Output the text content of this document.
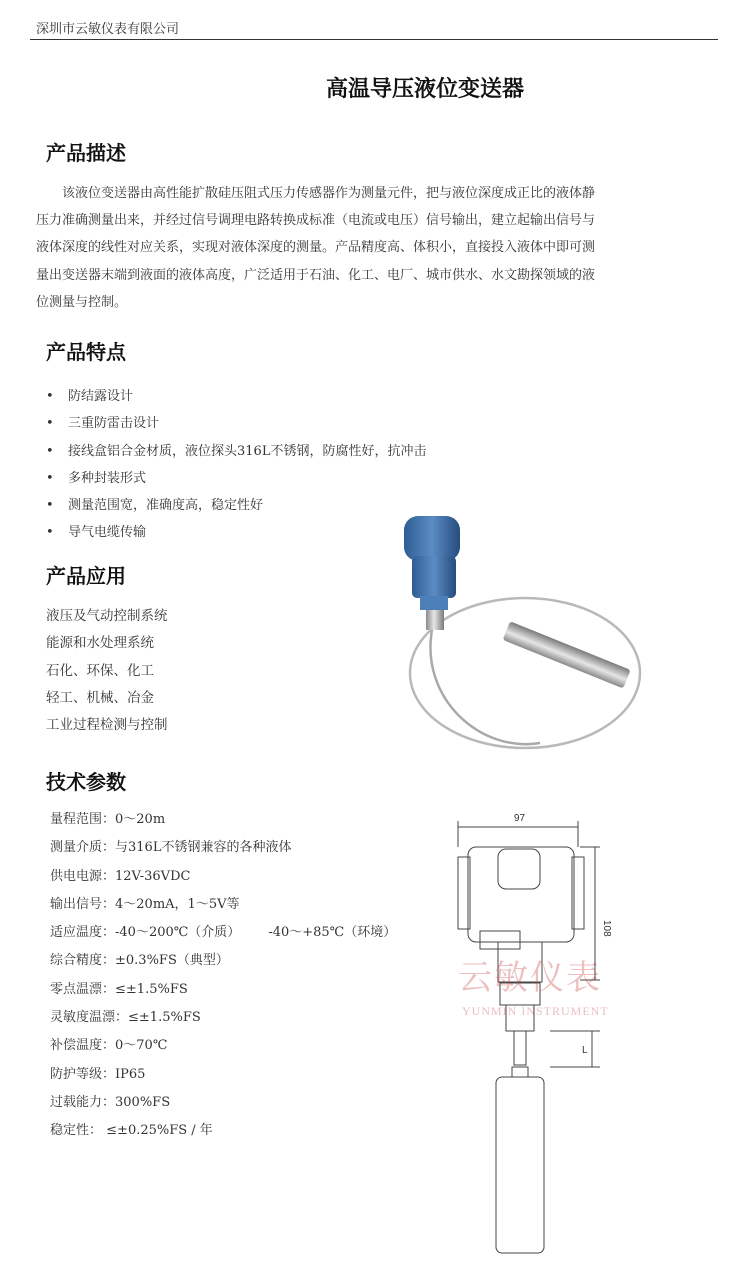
深圳市云敏仪表有限公司
高温导压液位变送器
产品描述

该液位变送器由高性能扩散硅压阻式压力传感器作为测量元件，把与液位深度成正比的液体静压力准确测量出来，并经过信号调理电路转换成标准（电流或电压）信号输出，建立起输出信号与液体深度的线性对应关系，实现对液体深度的测量。产品精度高、体积小，直接投入液体中即可测量出变送器末端到液面的液体高度，广泛适用于石油、化工、电厂、城市供水、水文勘探领域的液位测量与控制。

产品特点
• 防结露设计
• 三重防雷击设计
• 接线盒铝合金材质，液位探头316L不锈钢，防腐性好，抗冲击
• 多种封装形式
• 测量范围宽，准确度高，稳定性好
• 导气电缆传输
产品应用
液压及气动控制系统
能源和水处理系统
石化、环保、化工
轻工、机械、冶金
工业过程检测与控制
技术参数
量程范围：0～20m
测量介质：与316L不锈钢兼容的各种液体
供电电源：12V-36VDC
输出信号：4～20mA，1～5V等
适应温度：-40～200℃（介质） -40～+85℃（环境）
综合精度：±0.3%FS（典型）
零点温漂：≤±1.5%FS
灵敏度温漂：≤±1.5%FS
补偿温度：0～70℃
防护等级：IP65
过载能力：300%FS
稳定性： ≤±0.25%FS / 年
97
108
L
云敏仪表
YUNMIN INSTRUMENT
